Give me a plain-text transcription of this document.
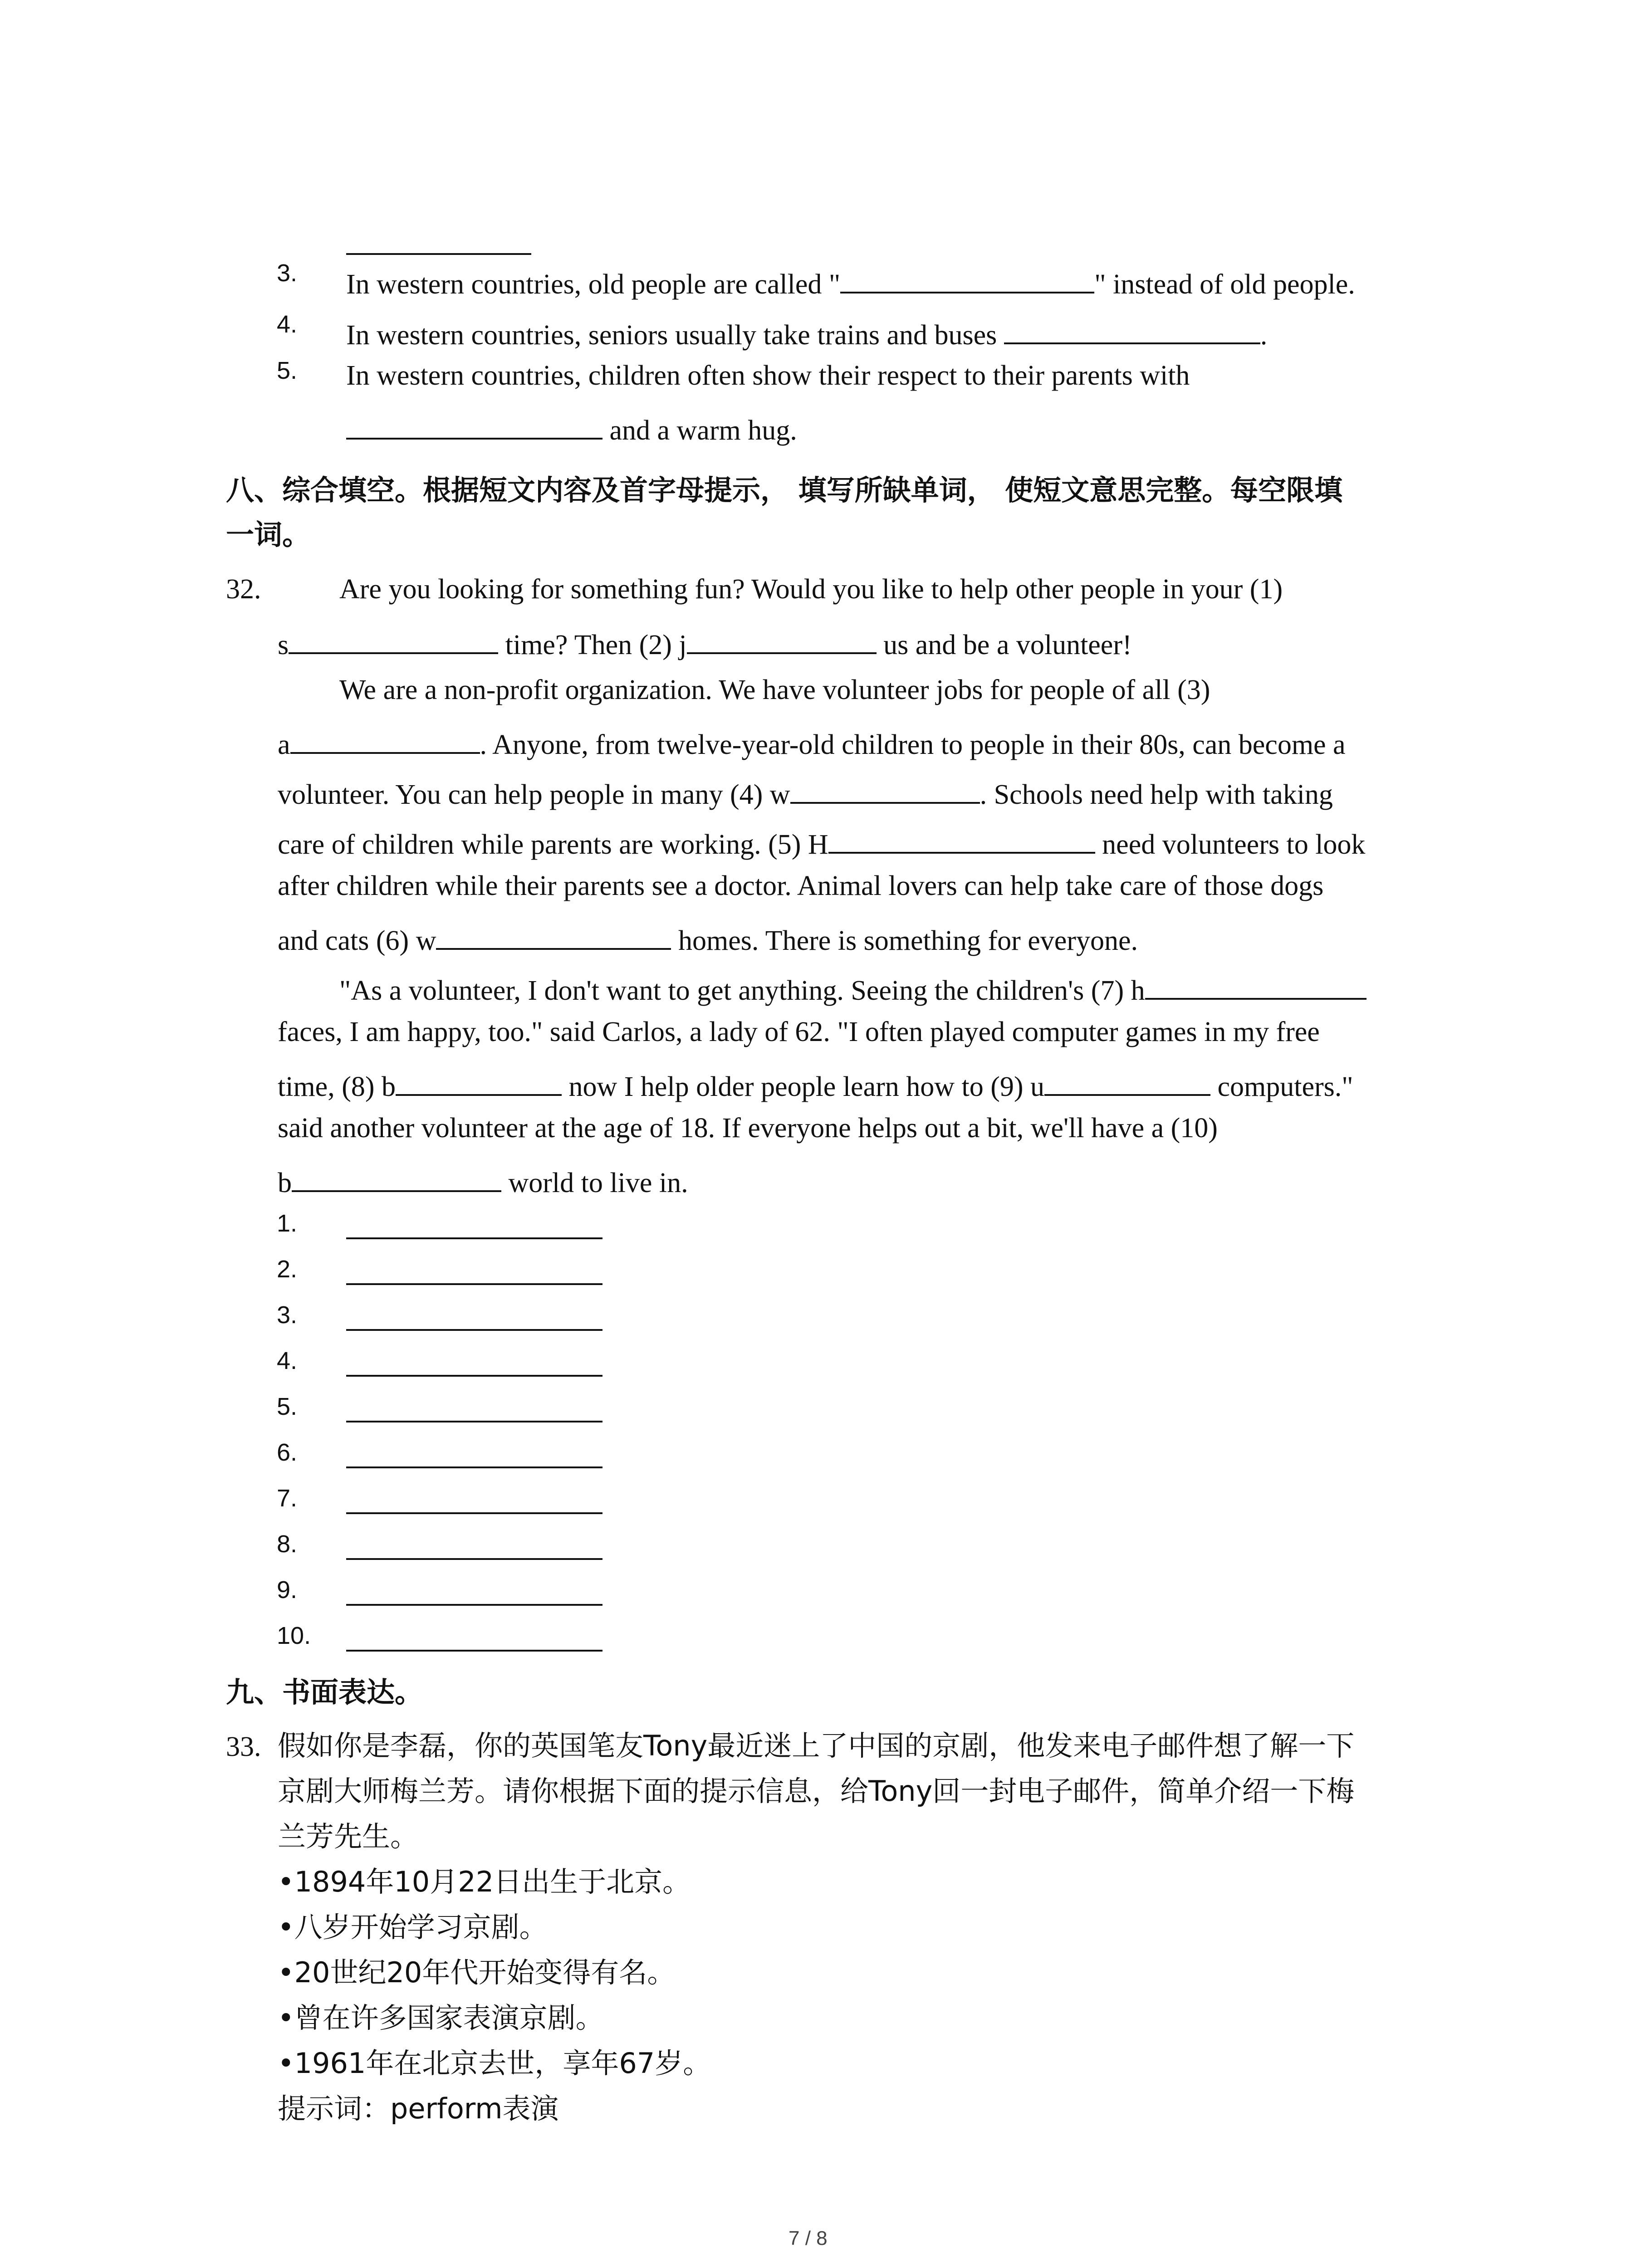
3. In western countries, old people are called "	" instead of old people.
4. In western countries, seniors usually take trains and buses	.
5. In western countries, children often show their respect to their parents with
and a warm hug.
八、综合填空。根据短文内容及首字母提示， 填写所缺单词， 使短文意思完整。每空限填
一词。
32.	Are you looking for something fun? Would you like to help other people in your (1)
s	time? Then (2) j	us and be a volunteer!
We are a non-profit organization. We have volunteer jobs for people of all (3)
a	. Anyone, from twelve-year-old children to people in their 80s, can become a
volunteer. You can help people in many (4) w	. Schools need help with taking
care of children while parents are working. (5) H	need volunteers to look
after children while their parents see a doctor. Animal lovers can help take care of those dogs
and cats (6) w	homes. There is something for everyone.
"As a volunteer, I don't want to get anything. Seeing the children's (7) h
faces, I am happy, too." said Carlos, a lady of 62. "I often played computer games in my free
time, (8) b	now I help older people learn how to (9) u	computers."
said another volunteer at the age of 18. If everyone helps out a bit, we'll have a (10)
b	world to live in.
1.
2.
3.
4.
5.
6.
7.
8.
9.
10.
九、书面表达。
33. 假如你是李磊，你的英国笔友Tony最近迷上了中国的京剧，他发来电子邮件想了解一下
京剧大师梅兰芳。请你根据下面的提示信息，给Tony回一封电子邮件，简单介绍一下梅
兰芳先生。
•1894年10月22日出生于北京。
•八岁开始学习京剧。
•20世纪20年代开始变得有名。
•曾在许多国家表演京剧。
•1961年在北京去世，享年67岁。
提示词：perform表演
7 / 8
